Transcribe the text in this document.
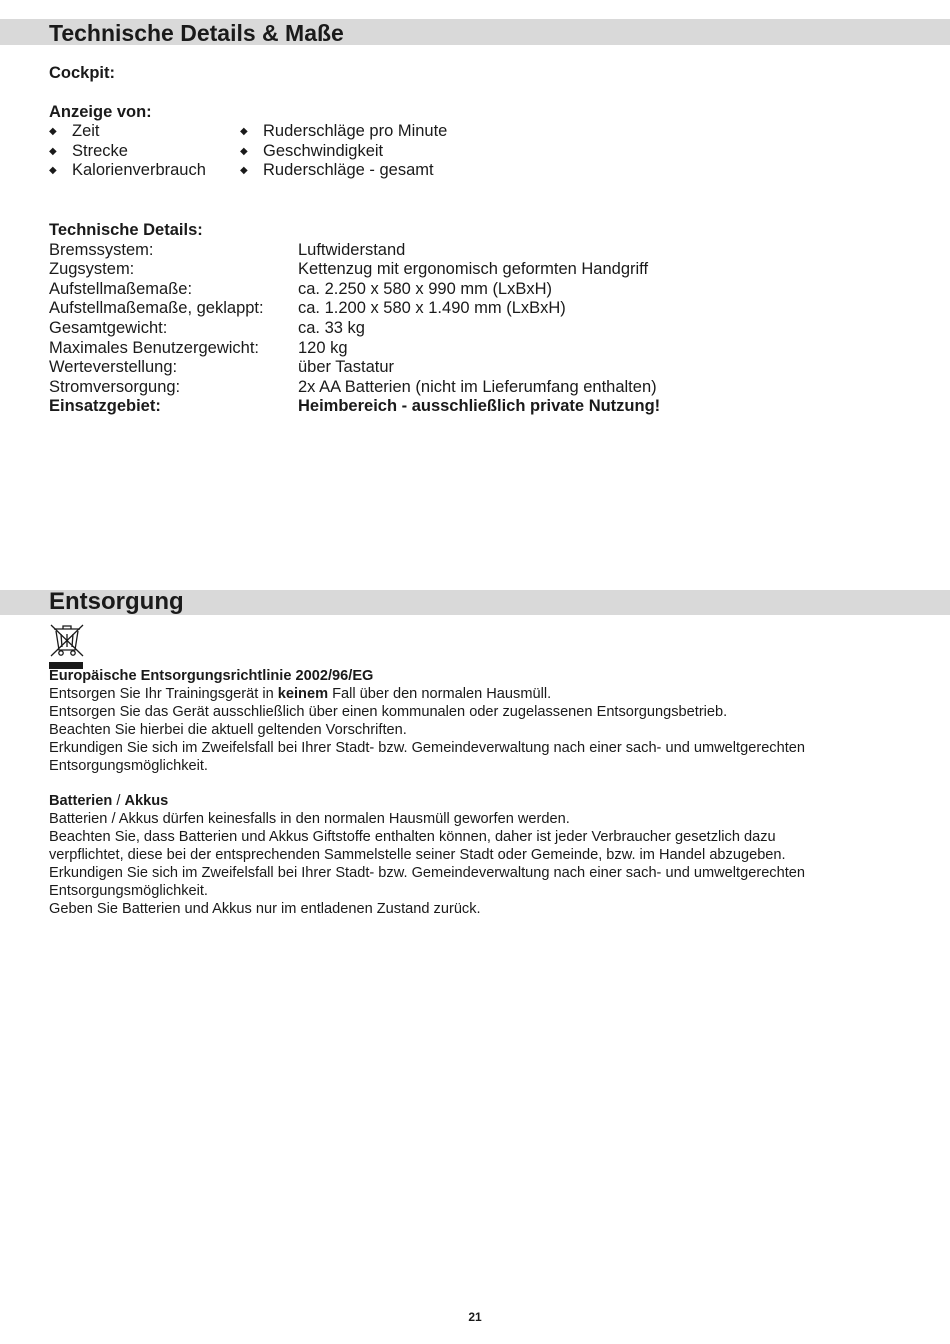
Technische Details & Maße
Cockpit:
Anzeige von:
◆ Zeit
◆ Strecke
◆ Kalorienverbrauch
◆ Ruderschläge pro Minute
◆ Geschwindigkeit
◆ Ruderschläge - gesamt
Technische Details:	
Bremssystem:	Luftwiderstand
Zugsystem:	Kettenzug mit ergonomisch geformten Handgriff
Aufstellmaßemaße:	ca. 2.250 x 580 x 990 mm (LxBxH)
Aufstellmaßemaße, geklappt:	ca. 1.200 x 580 x 1.490 mm (LxBxH)
Gesamtgewicht:	ca. 33 kg
Maximales Benutzergewicht:	120 kg
Werteverstellung:	über Tastatur
Stromversorgung:	2x AA Batterien (nicht im Lieferumfang enthalten)
Einsatzgebiet:	Heimbereich - ausschließlich private Nutzung!
Entsorgung
Europäische Entsorgungsrichtlinie 2002/96/EG
Entsorgen Sie Ihr Trainingsgerät in keinem Fall über den normalen Hausmüll.
Entsorgen Sie das Gerät ausschließlich über einen kommunalen oder zugelassenen Entsorgungsbetrieb.
Beachten Sie hierbei die aktuell geltenden Vorschriften.
Erkundigen Sie sich im Zweifelsfall bei Ihrer Stadt- bzw. Gemeindeverwaltung nach einer sach- und umweltgerechten
Entsorgungsmöglichkeit.
Batterien / Akkus
Batterien / Akkus dürfen keinesfalls in den normalen Hausmüll geworfen werden.
Beachten Sie, dass Batterien und Akkus Giftstoffe enthalten können, daher ist jeder Verbraucher gesetzlich dazu
verpflichtet, diese bei der entsprechenden Sammelstelle seiner Stadt oder Gemeinde, bzw. im Handel abzugeben.
Erkundigen Sie sich im Zweifelsfall bei Ihrer Stadt- bzw. Gemeindeverwaltung nach einer sach- und umweltgerechten
Entsorgungsmöglichkeit.
Geben Sie Batterien und Akkus nur im entladenen Zustand zurück.
21
